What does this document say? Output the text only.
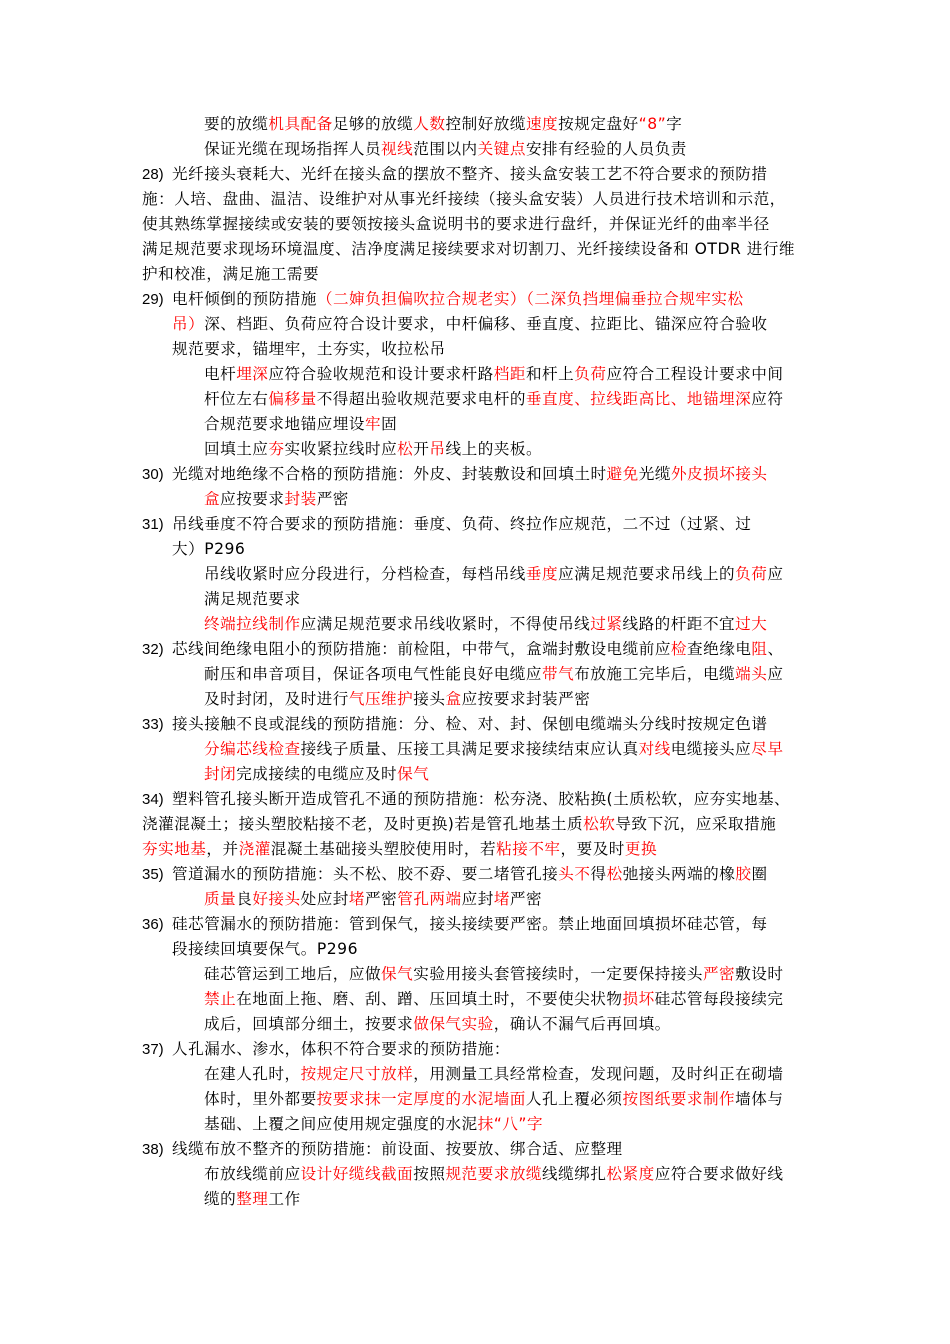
要的放缆机具配备足够的放缆人数控制好放缆速度按规定盘好“8”字
保证光缆在现场指挥人员视线范围以内关键点安排有经验的人员负责
28) 光纤接头衰耗大、光纤在接头盒的摆放不整齐、接头盒安装工艺不符合要求的预防措
施：人培、盘曲、温洁、设维护对从事光纤接续（接头盒安装）人员进行技术培训和示范，
使其熟练掌握接续或安装的要领按接头盒说明书的要求进行盘纤，并保证光纤的曲率半径
满足规范要求现场环境温度、洁净度满足接续要求对切割刀、光纤接续设备和 OTDR 进行维
护和校准，满足施工需要
29) 电杆倾倒的预防措施（二婶负担偏吹拉合规老实）（二深负挡埋偏垂拉合规牢实松
吊）深、档距、负荷应符合设计要求，中杆偏移、垂直度、拉距比、锚深应符合验收
规范要求，锚埋牢，土夯实，收拉松吊
电杆埋深应符合验收规范和设计要求杆路档距和杆上负荷应符合工程设计要求中间
杆位左右偏移量不得超出验收规范要求电杆的垂直度、拉线距高比、地锚埋深应符
合规范要求地锚应埋设牢固
回填土应夯实收紧拉线时应松开吊线上的夹板。
30) 光缆对地绝缘不合格的预防措施：外皮、封装敷设和回填土时避免光缆外皮损坏接头
盒应按要求封装严密
31) 吊线垂度不符合要求的预防措施：垂度、负荷、终拉作应规范，二不过（过紧、过
大）P296
吊线收紧时应分段进行，分档检查，每档吊线垂度应满足规范要求吊线上的负荷应
满足规范要求
终端拉线制作应满足规范要求吊线收紧时，不得使吊线过紧线路的杆距不宜过大
32) 芯线间绝缘电阻小的预防措施：前检阻，中带气，盒端封敷设电缆前应检查绝缘电阻、
耐压和串音项目，保证各项电气性能良好电缆应带气布放施工完毕后，电缆端头应
及时封闭，及时进行气压维护接头盒应按要求封装严密
33) 接头接触不良或混线的预防措施：分、检、对、封、保刨电缆端头分线时按规定色谱
分编芯线检查接线子质量、压接工具满足要求接续结束应认真对线电缆接头应尽早
封闭完成接续的电缆应及时保气
34) 塑料管孔接头断开造成管孔不通的预防措施：松夯浇、胶粘换(土质松软，应夯实地基、
浇灌混凝土；接头塑胶粘接不老，及时更换)若是管孔地基土质松软导致下沉，应采取措施
夯实地基，并浇灌混凝土基础接头塑胶使用时，若粘接不牢，要及时更换
35) 管道漏水的预防措施：头不松、胶不孬、要二堵管孔接头不得松弛接头两端的橡胶圈
质量良好接头处应封堵严密管孔两端应封堵严密
36) 硅芯管漏水的预防措施：管到保气，接头接续要严密。禁止地面回填损坏硅芯管，每
段接续回填要保气。P296
硅芯管运到工地后，应做保气实验用接头套管接续时，一定要保持接头严密敷设时
禁止在地面上拖、磨、刮、蹭、压回填土时，不要使尖状物损坏硅芯管每段接续完
成后，回填部分细土，按要求做保气实验，确认不漏气后再回填。
37) 人孔漏水、渗水，体积不符合要求的预防措施：
在建人孔时，按规定尺寸放样，用测量工具经常检查，发现问题，及时纠正在砌墙
体时，里外都要按要求抹一定厚度的水泥墙面人孔上覆必须按图纸要求制作墙体与
基础、上覆之间应使用规定强度的水泥抹“八”字
38) 线缆布放不整齐的预防措施：前设面、按要放、绑合适、应整理
布放线缆前应设计好缆线截面按照规范要求放缆线缆绑扎松紧度应符合要求做好线
缆的整理工作
